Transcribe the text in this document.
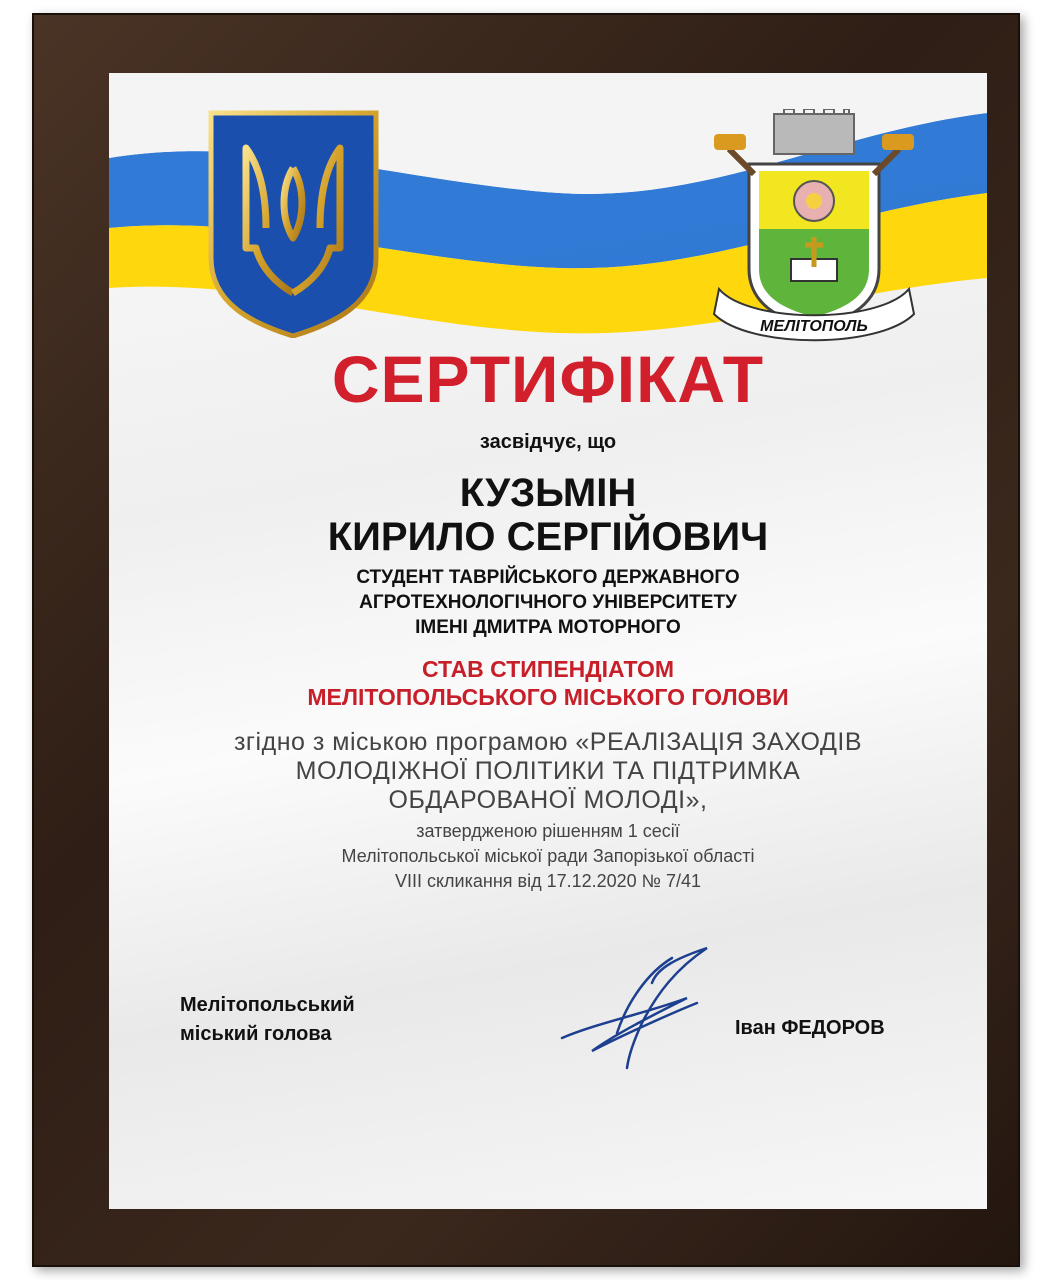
МЕЛІТОПОЛЬ
СЕРТИФІКАТ
засвідчує, що
КУЗЬМІН
КИРИЛО СЕРГІЙОВИЧ
СТУДЕНТ ТАВРІЙСЬКОГО ДЕРЖАВНОГО
АГРОТЕХНОЛОГІЧНОГО УНІВЕРСИТЕТУ
ІМЕНІ ДМИТРА МОТОРНОГО
СТАВ СТИПЕНДІАТОМ
МЕЛІТОПОЛЬСЬКОГО МІСЬКОГО ГОЛОВИ
згідно з міською програмою «РЕАЛІЗАЦІЯ ЗАХОДІВ
МОЛОДІЖНОЇ ПОЛІТИКИ ТА ПІДТРИМКА
ОБДАРОВАНОЇ МОЛОДІ»,
затвердженою рішенням 1 сесії
Мелітопольської міської ради Запорізької області
VIII скликання від 17.12.2020 № 7/41
Мелітопольський
міський голова	Іван ФЕДОРОВ
